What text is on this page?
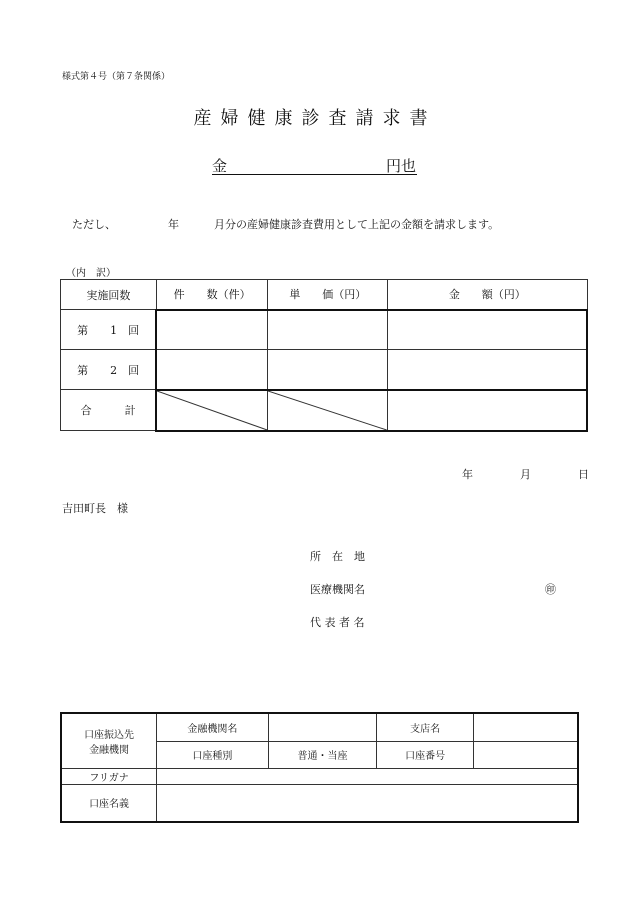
様式第４号（第７条関係）
産婦健康診査請求書
金	円也
ただし、	年	月分の産婦健康診査費用として上記の金額を請求します。
（内　訳）
実施回数	件　　数（件）	単　　価（円）	金　　額（円）
第　　1　回			
第　　2　回			
合　　　計	

年	月	日
吉田町長　様
所　在　地
医療機関名	㊞
代 表 者 名
口座振込先
金融機関	金融機関名		支店名	
	口座種別	普通・当座	口座番号	
フリガナ				
口座名義				
